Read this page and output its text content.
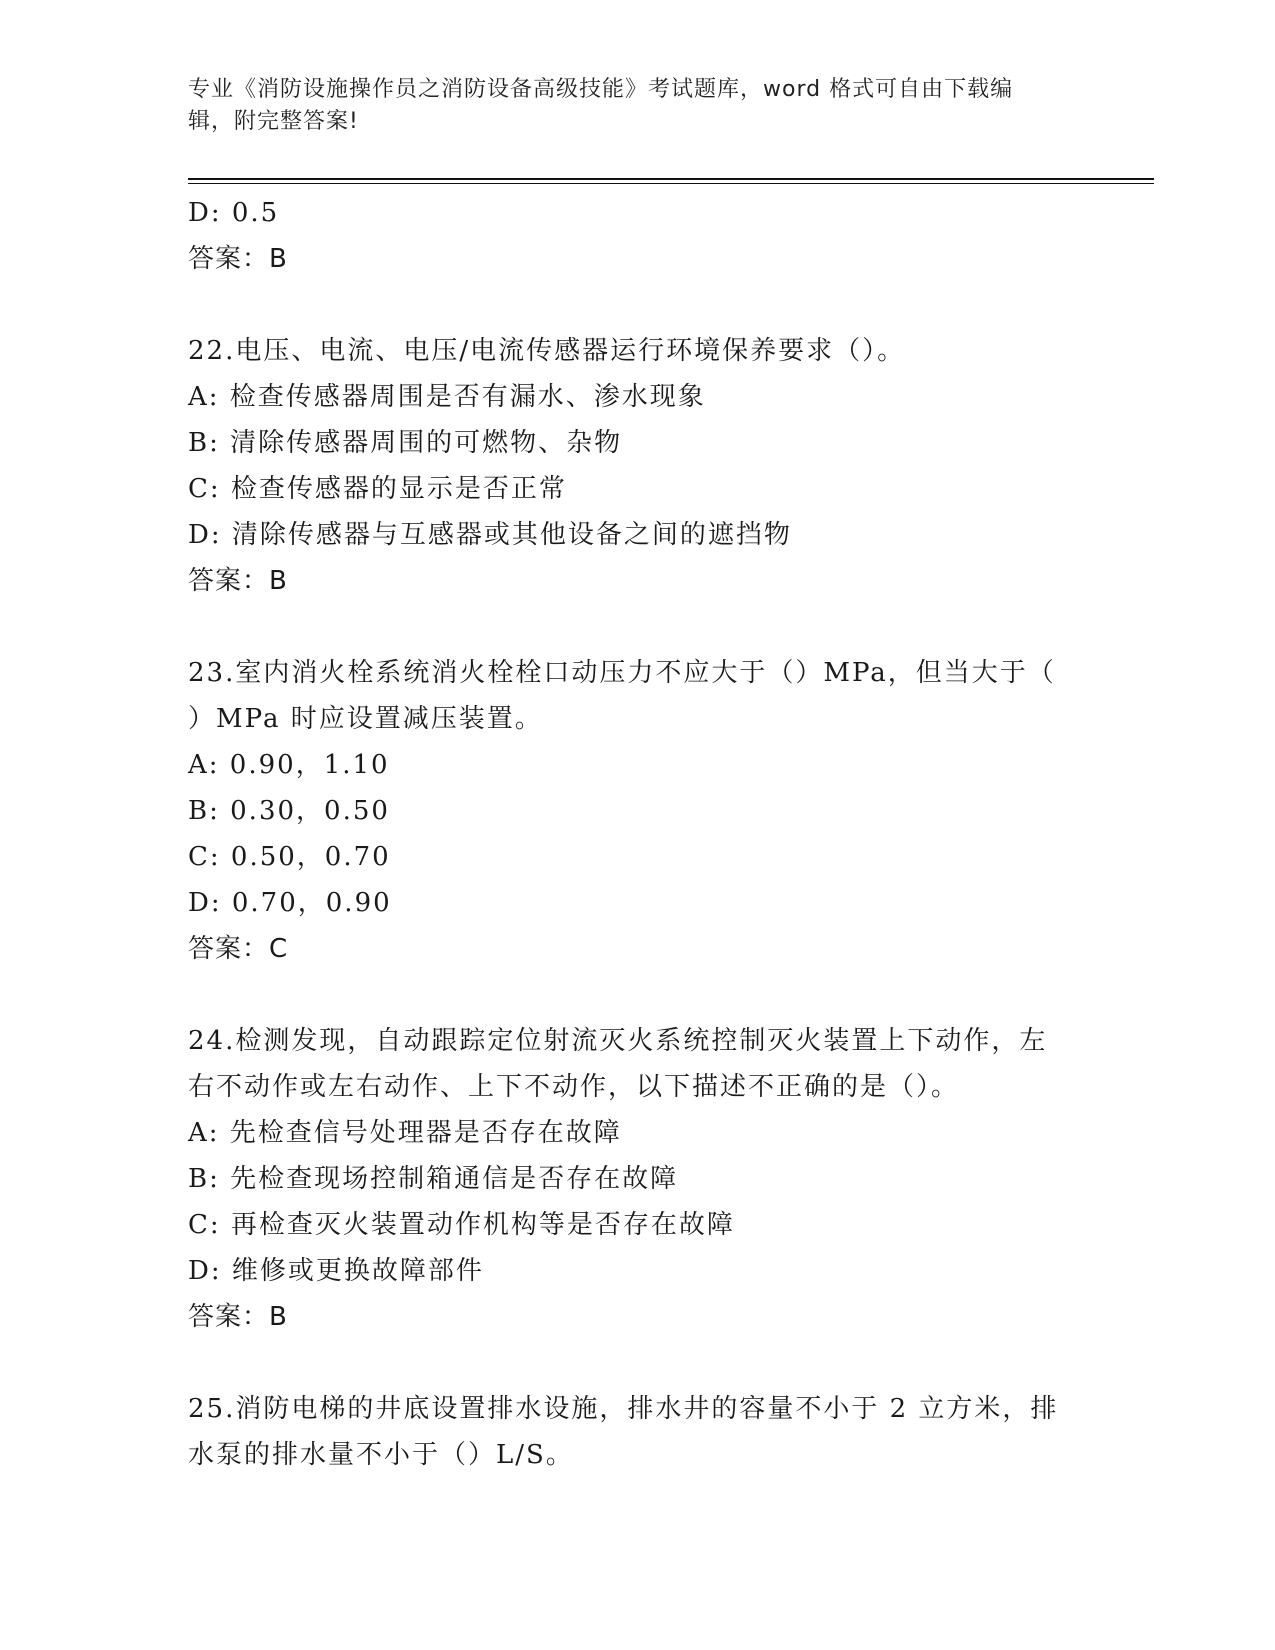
专业《消防设施操作员之消防设备高级技能》考试题库，word 格式可自由下载编
辑，附完整答案!
D: 0.5
答案：B
22.电压、电流、电压/电流传感器运行环境保养要求（）。
A: 检查传感器周围是否有漏水、渗水现象
B: 清除传感器周围的可燃物、杂物
C: 检查传感器的显示是否正常
D: 清除传感器与互感器或其他设备之间的遮挡物
答案：B
23.室内消火栓系统消火栓栓口动压力不应大于（）MPa，但当大于（
）MPa 时应设置减压装置。
A: 0.90，1.10
B: 0.30，0.50
C: 0.50，0.70
D: 0.70，0.90
答案：C
24.检测发现，自动跟踪定位射流灭火系统控制灭火装置上下动作，左
右不动作或左右动作、上下不动作，以下描述不正确的是（）。
A: 先检查信号处理器是否存在故障
B: 先检查现场控制箱通信是否存在故障
C: 再检查灭火装置动作机构等是否存在故障
D: 维修或更换故障部件
答案：B
25.消防电梯的井底设置排水设施，排水井的容量不小于 2 立方米，排
水泵的排水量不小于（）L/S。
